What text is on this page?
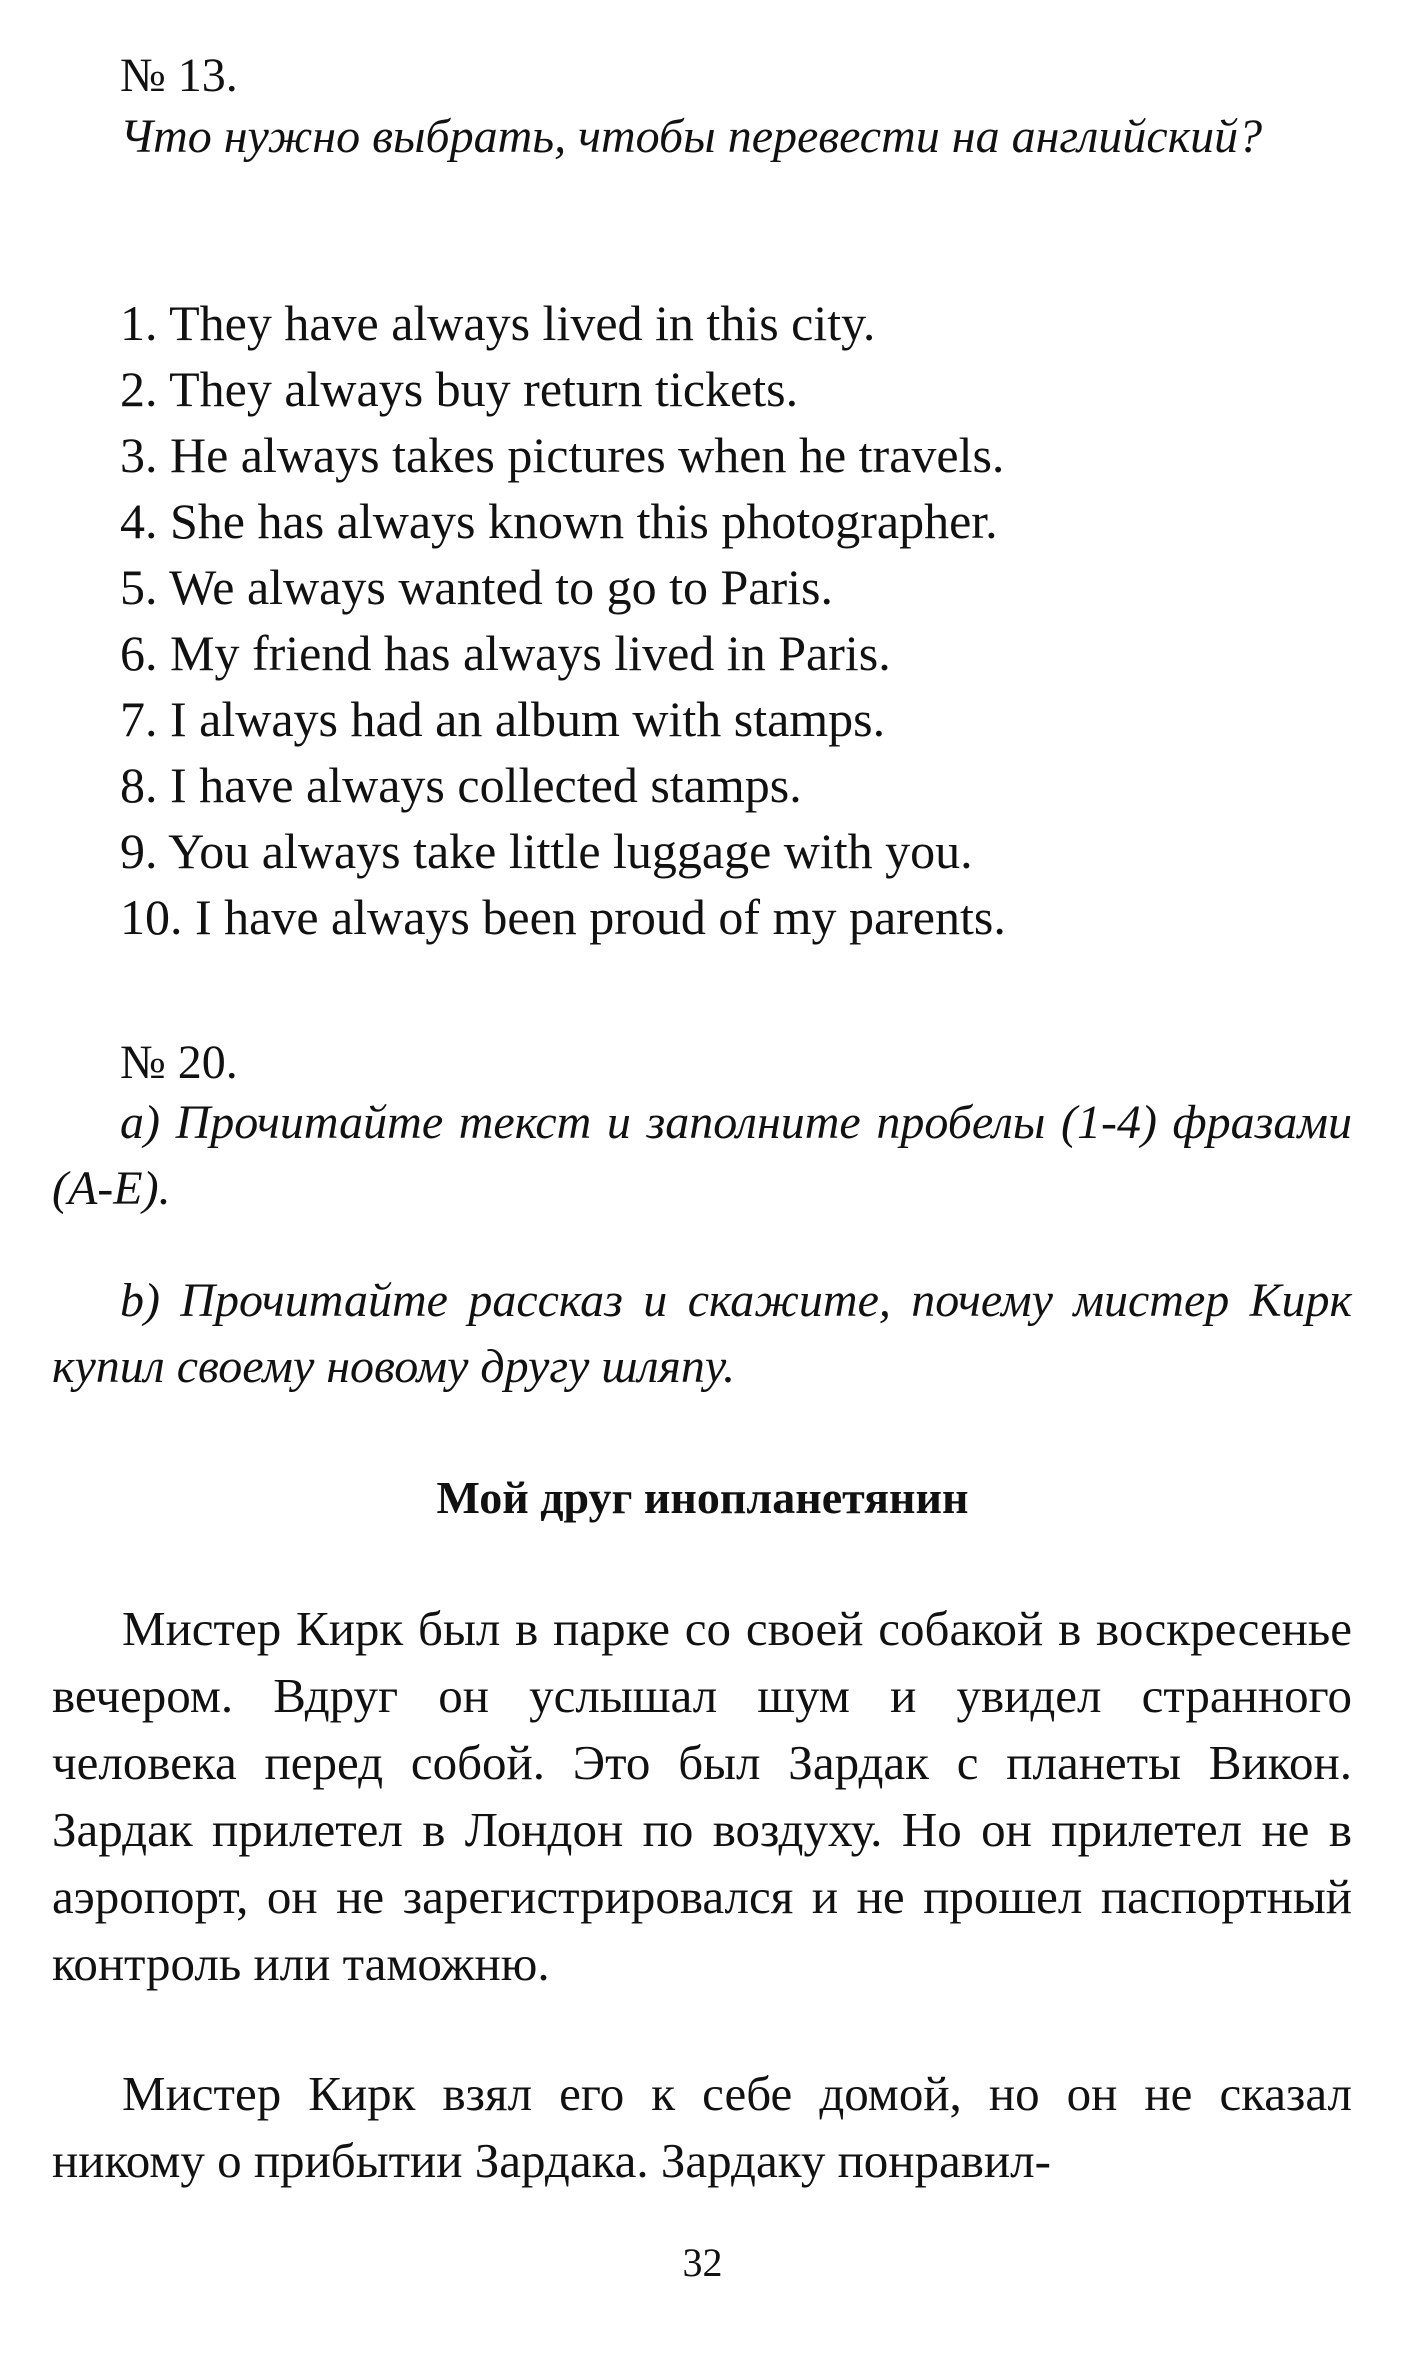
№ 13.
Что нужно выбрать, чтобы перевести на английский?
1. They have always lived in this city.
2. They always buy return tickets.
3. He always takes pictures when he travels.
4. She has always known this photographer.
5. We always wanted to go to Paris.
6. My friend has always lived in Paris.
7. I always had an album with stamps.
8. I have always collected stamps.
9. You always take little luggage with you.
10. I have always been proud of my parents.
№ 20.
a) Прочитайте текст и заполните пробелы (1-4) фразами (A-E).
b) Прочитайте рассказ и скажите, почему мистер Кирк купил своему новому другу шляпу.
Мой друг инопланетянин
Мистер Кирк был в парке со своей собакой в воскресенье вечером. Вдруг он услышал шум и увидел странного человека перед собой. Это был Зардак с планеты Викон. Зардак прилетел в Лондон по воздуху. Но он прилетел не в аэропорт, он не зарегистрировался и не прошел паспортный контроль или таможню.
Мистер Кирк взял его к себе домой, но он не сказал никому о прибытии Зардака. Зардаку понравил-
32
